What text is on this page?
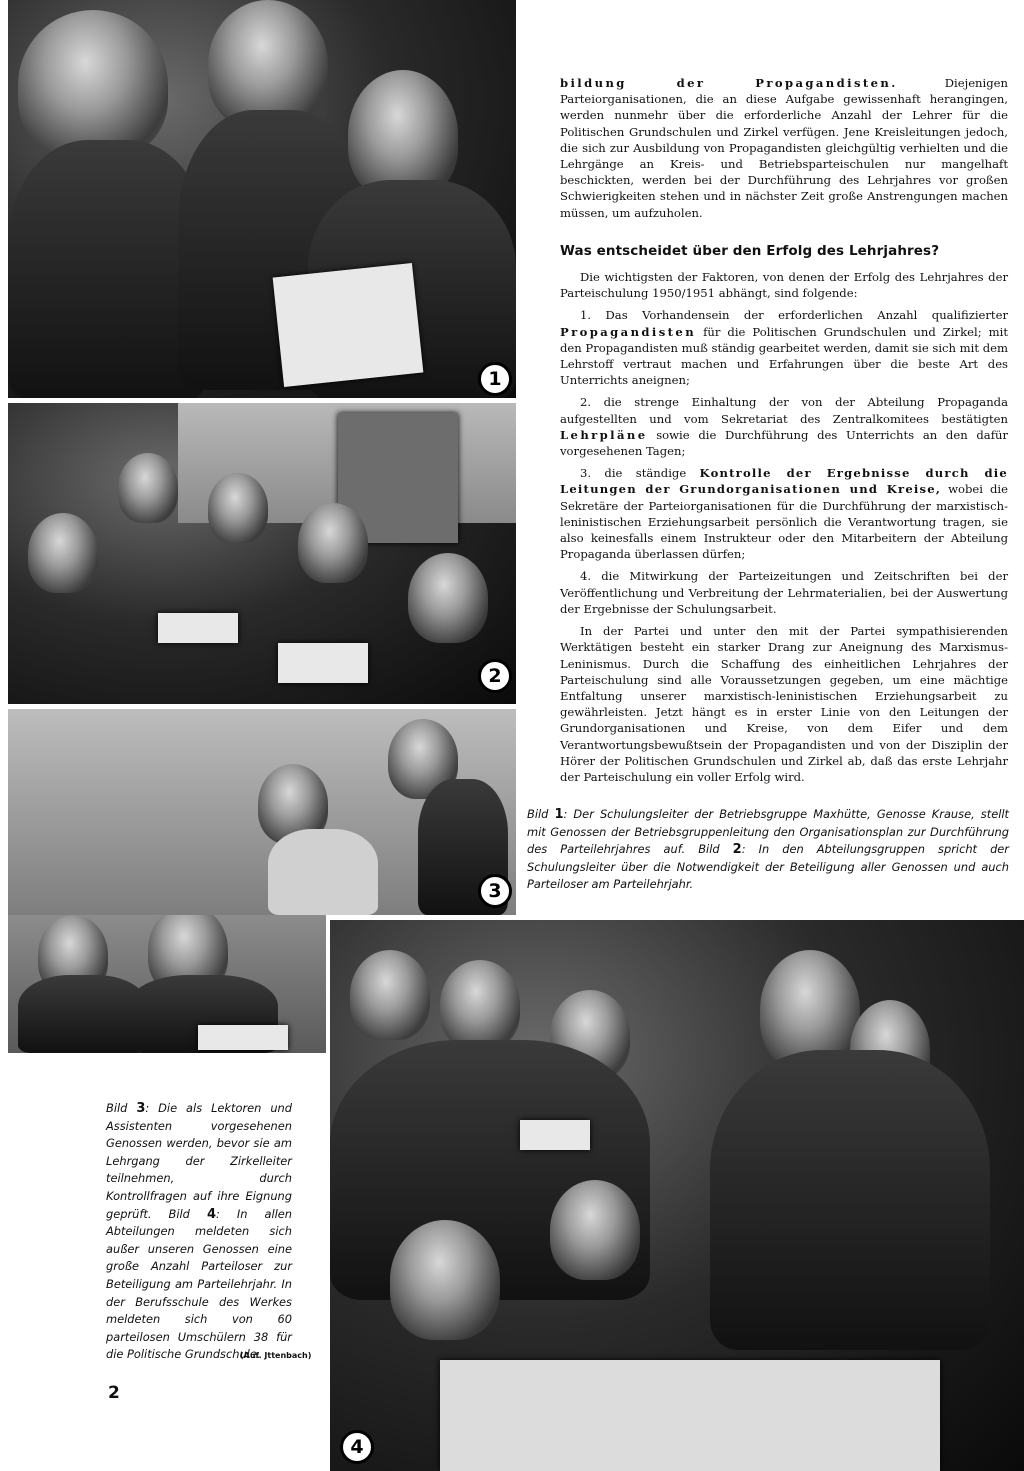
1
2
3
4

bildung der Propagandisten. Diejenigen Parteiorganisationen, die an diese Aufgabe gewissenhaft herangingen, werden nunmehr über die erforderliche Anzahl der Lehrer für die Politischen Grundschulen und Zirkel verfügen. Jene Kreisleitungen jedoch, die sich zur Ausbildung von Propagandisten gleichgültig verhielten und die Lehrgänge an Kreis- und Betriebsparteischulen nur mangelhaft beschickten, werden bei der Durchführung des Lehrjahres vor großen Schwierigkeiten stehen und in nächster Zeit große Anstrengungen machen müssen, um aufzuholen.

Was entscheidet über den Erfolg des Lehrjahres?

Die wichtigsten der Faktoren, von denen der Erfolg des Lehrjahres der Parteischulung 1950/1951 abhängt, sind folgende:

1. Das Vorhandensein der erforderlichen Anzahl qualifizierter Propagandisten für die Politischen Grundschulen und Zirkel; mit den Propagandisten muß ständig gearbeitet werden, damit sie sich mit dem Lehrstoff vertraut machen und Erfahrungen über die beste Art des Unterrichts aneignen;

2. die strenge Einhaltung der von der Abteilung Propaganda aufgestellten und vom Sekretariat des Zentralkomitees bestätigten Lehrpläne sowie die Durchführung des Unterrichts an den dafür vorgesehenen Tagen;

3. die ständige Kontrolle der Ergebnisse durch die Leitungen der Grundorganisationen und Kreise, wobei die Sekretäre der Parteiorganisationen für die Durchführung der marxistisch-leninistischen Erziehungsarbeit persönlich die Verantwortung tragen, sie also keinesfalls einem Instrukteur oder den Mitarbeitern der Abteilung Propaganda überlassen dürfen;

4. die Mitwirkung der Parteizeitungen und Zeitschriften bei der Veröffentlichung und Verbreitung der Lehrmaterialien, bei der Auswertung der Ergebnisse der Schulungsarbeit.

In der Partei und unter den mit der Partei sympathisierenden Werktätigen besteht ein starker Drang zur Aneignung des Marxismus-Leninismus. Durch die Schaffung des einheitlichen Lehrjahres der Parteischulung sind alle Voraussetzungen gegeben, um eine mächtige Entfaltung unserer marxistisch-leninistischen Erziehungsarbeit zu gewährleisten. Jetzt hängt es in erster Linie von den Leitungen der Grundorganisationen und Kreise, von dem Eifer und dem Verantwortungsbewußtsein der Propagandisten und von der Disziplin der Hörer der Politischen Grundschulen und Zirkel ab, daß das erste Lehrjahr der Parteischulung ein voller Erfolg wird.

Bild 1: Der Schulungsleiter der Betriebsgruppe Maxhütte, Genosse Krause, stellt mit Genossen der Betriebsgruppenleitung den Organisationsplan zur Durchführung des Parteilehrjahres auf. Bild 2: In den Abteilungsgruppen spricht der Schulungsleiter über die Notwendigkeit der Beteiligung aller Genossen und auch Parteiloser am Parteilehrjahr.
Bild 3: Die als Lektoren und Assistenten vorgesehenen Genossen werden, bevor sie am Lehrgang der Zirkelleiter teilnehmen, durch Kontrollfragen auf ihre Eignung geprüft. Bild 4: In allen Abteilungen meldeten sich außer unseren Genossen eine große Anzahl Parteiloser zur Beteiligung am Parteilehrjahr. In der Berufsschule des Werkes meldeten sich von 60 parteilosen Umschülern 38 für die Politische Grundschule.
(Auf. Jttenbach)
2
